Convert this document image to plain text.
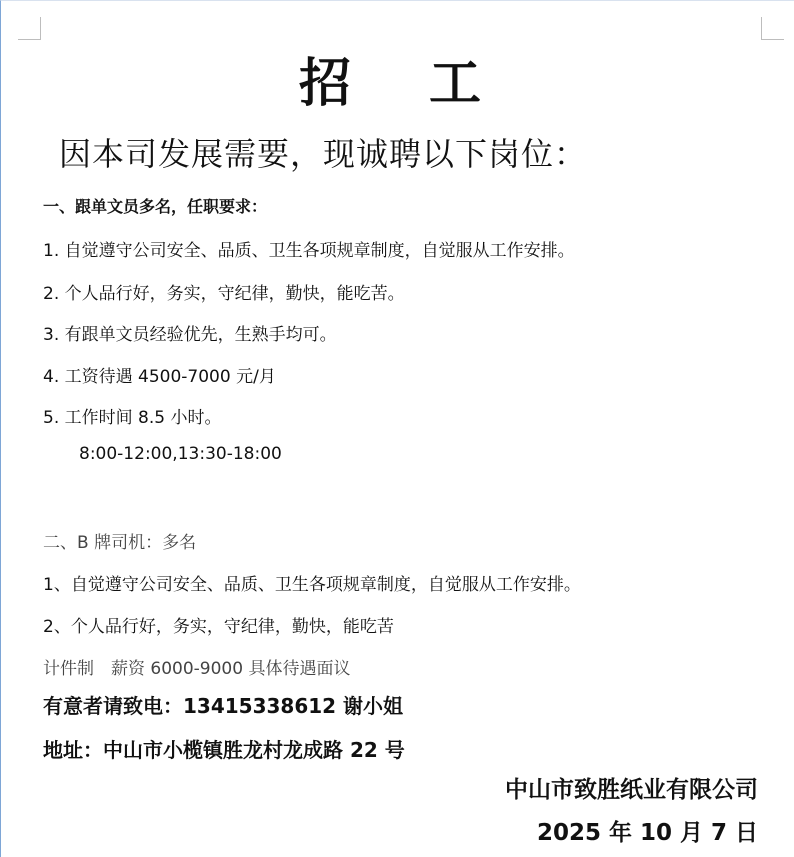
招 工
因本司发展需要，现诚聘以下岗位：
一、跟单文员多名，任职要求：
1. 自觉遵守公司安全、品质、卫生各项规章制度，自觉服从工作安排。
2. 个人品行好，务实，守纪律，勤快，能吃苦。
3. 有跟单文员经验优先，生熟手均可。
4. 工资待遇 4500-7000 元/月
5. 工作时间 8.5 小时。
8:00-12:00,13:30-18:00
二、B 牌司机：多名
1、自觉遵守公司安全、品质、卫生各项规章制度，自觉服从工作安排。
2、个人品行好，务实，守纪律，勤快，能吃苦
计件制　薪资 6000-9000 具体待遇面议
有意者请致电：13415338612 谢小姐
地址：中山市小榄镇胜龙村龙成路 22 号
中山市致胜纸业有限公司
2025 年 10 月 7 日
